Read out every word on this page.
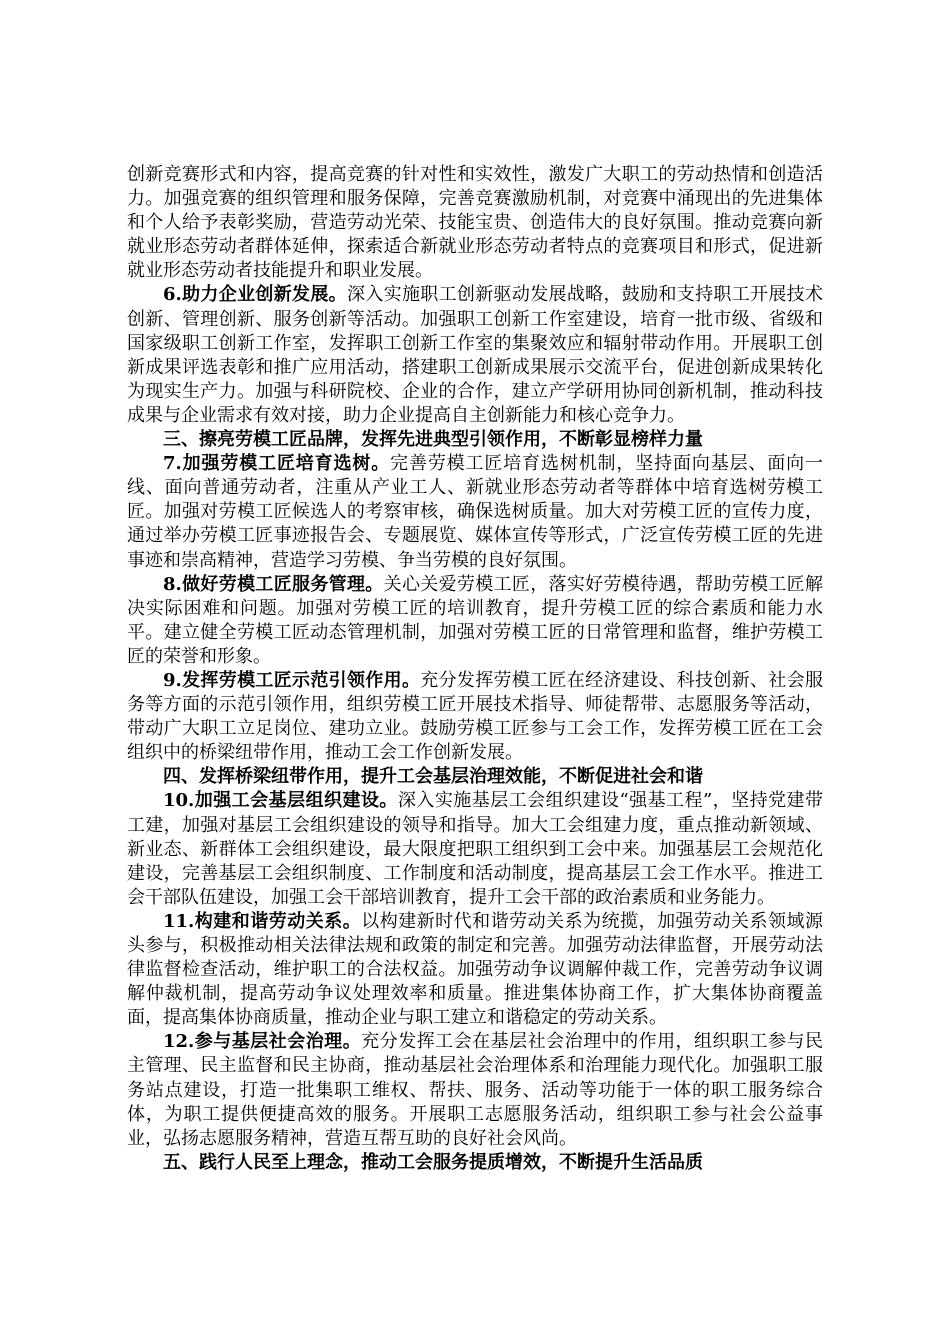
创新竞赛形式和内容，提高竞赛的针对性和实效性，激发广大职工的劳动热情和创造活力。加强竞赛的组织管理和服务保障，完善竞赛激励机制，对竞赛中涌现出的先进集体和个人给予表彰奖励，营造劳动光荣、技能宝贵、创造伟大的良好氛围。推动竞赛向新就业形态劳动者群体延伸，探索适合新就业形态劳动者特点的竞赛项目和形式，促进新就业形态劳动者技能提升和职业发展。

6.助力企业创新发展。深入实施职工创新驱动发展战略，鼓励和支持职工开展技术创新、管理创新、服务创新等活动。加强职工创新工作室建设，培育一批市级、省级和国家级职工创新工作室，发挥职工创新工作室的集聚效应和辐射带动作用。开展职工创新成果评选表彰和推广应用活动，搭建职工创新成果展示交流平台，促进创新成果转化为现实生产力。加强与科研院校、企业的合作，建立产学研用协同创新机制，推动科技成果与企业需求有效对接，助力企业提高自主创新能力和核心竞争力。

三、擦亮劳模工匠品牌，发挥先进典型引领作用，不断彰显榜样力量

7.加强劳模工匠培育选树。完善劳模工匠培育选树机制，坚持面向基层、面向一线、面向普通劳动者，注重从产业工人、新就业形态劳动者等群体中培育选树劳模工匠。加强对劳模工匠候选人的考察审核，确保选树质量。加大对劳模工匠的宣传力度，通过举办劳模工匠事迹报告会、专题展览、媒体宣传等形式，广泛宣传劳模工匠的先进事迹和崇高精神，营造学习劳模、争当劳模的良好氛围。

8.做好劳模工匠服务管理。关心关爱劳模工匠，落实好劳模待遇，帮助劳模工匠解决实际困难和问题。加强对劳模工匠的培训教育，提升劳模工匠的综合素质和能力水平。建立健全劳模工匠动态管理机制，加强对劳模工匠的日常管理和监督，维护劳模工匠的荣誉和形象。

9.发挥劳模工匠示范引领作用。充分发挥劳模工匠在经济建设、科技创新、社会服务等方面的示范引领作用，组织劳模工匠开展技术指导、师徒帮带、志愿服务等活动，带动广大职工立足岗位、建功立业。鼓励劳模工匠参与工会工作，发挥劳模工匠在工会组织中的桥梁纽带作用，推动工会工作创新发展。

四、发挥桥梁纽带作用，提升工会基层治理效能，不断促进社会和谐

10.加强工会基层组织建设。深入实施基层工会组织建设“强基工程”，坚持党建带工建，加强对基层工会组织建设的领导和指导。加大工会组建力度，重点推动新领域、新业态、新群体工会组织建设，最大限度把职工组织到工会中来。加强基层工会规范化建设，完善基层工会组织制度、工作制度和活动制度，提高基层工会工作水平。推进工会干部队伍建设，加强工会干部培训教育，提升工会干部的政治素质和业务能力。

11.构建和谐劳动关系。以构建新时代和谐劳动关系为统揽，加强劳动关系领域源头参与，积极推动相关法律法规和政策的制定和完善。加强劳动法律监督，开展劳动法律监督检查活动，维护职工的合法权益。加强劳动争议调解仲裁工作，完善劳动争议调解仲裁机制，提高劳动争议处理效率和质量。推进集体协商工作，扩大集体协商覆盖面，提高集体协商质量，推动企业与职工建立和谐稳定的劳动关系。

12.参与基层社会治理。充分发挥工会在基层社会治理中的作用，组织职工参与民主管理、民主监督和民主协商，推动基层社会治理体系和治理能力现代化。加强职工服务站点建设，打造一批集职工维权、帮扶、服务、活动等功能于一体的职工服务综合体，为职工提供便捷高效的服务。开展职工志愿服务活动，组织职工参与社会公益事业，弘扬志愿服务精神，营造互帮互助的良好社会风尚。

五、践行人民至上理念，推动工会服务提质增效，不断提升生活品质
